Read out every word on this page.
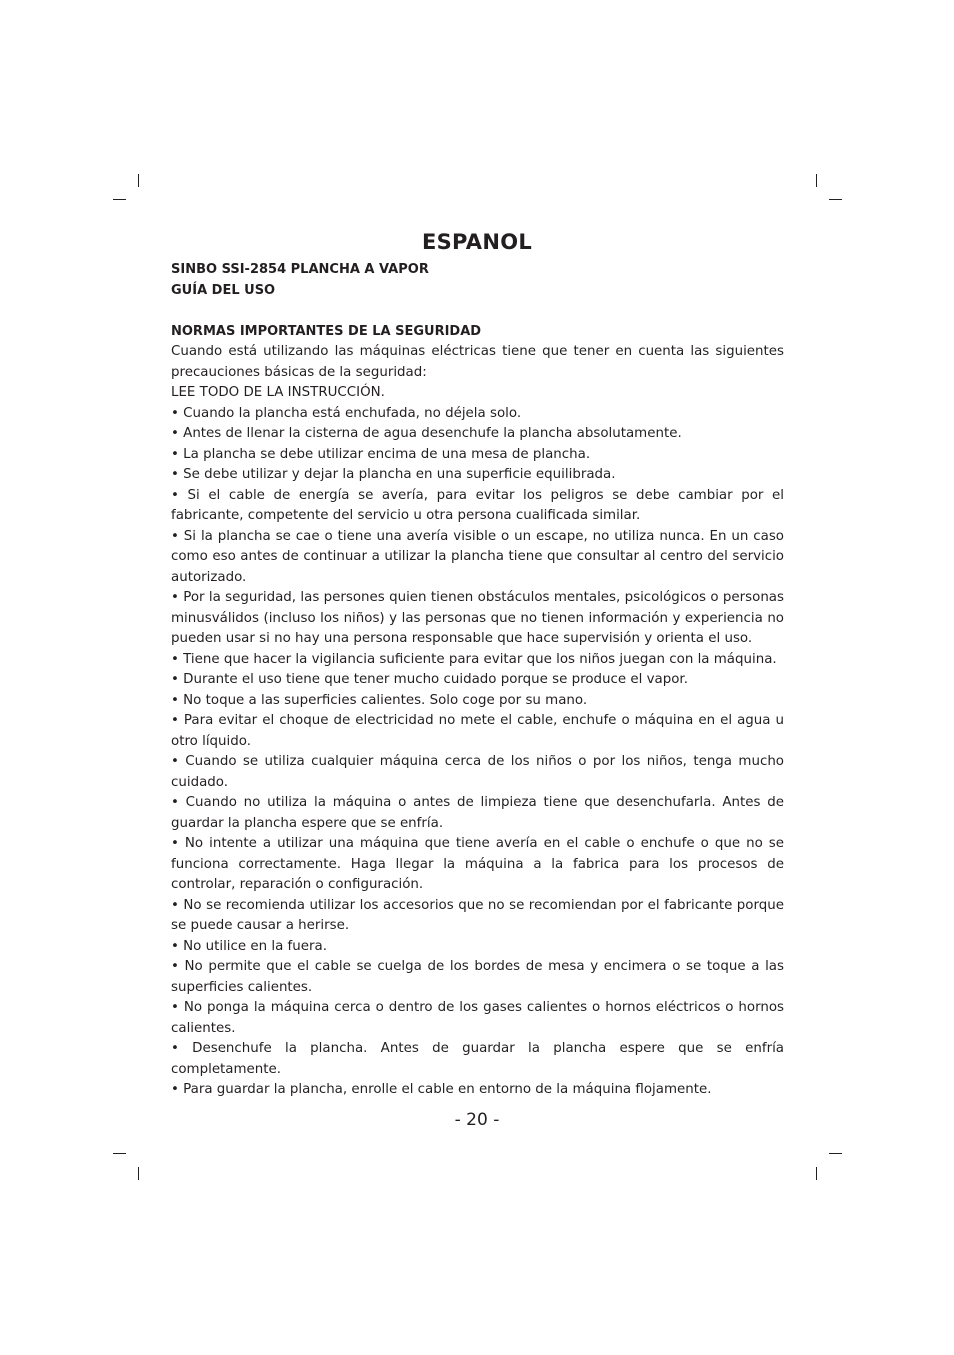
ESPANOL
SINBO SSI-2854 PLANCHA A VAPOR
GUÍA DEL USO
NORMAS IMPORTANTES DE LA SEGURIDAD

Cuando está utilizando las máquinas eléctricas tiene que tener en cuenta las siguientes precauciones básicas de la seguridad:

LEE TODO DE LA INSTRUCCIÓN.

• Cuando la plancha está enchufada, no déjela solo.

• Antes de llenar la cisterna de agua desenchufe la plancha absolutamente.

• La plancha se debe utilizar encima de una mesa de plancha.

• Se debe utilizar y dejar la plancha en una superficie equilibrada.

• Si el cable de energía se avería, para evitar los peligros se debe cambiar por el fabricante, competente del servicio u otra persona cualificada similar.

• Si la plancha se cae o tiene una avería visible o un escape, no utiliza nunca. En un caso como eso antes de continuar a utilizar la plancha tiene que consultar al centro del servicio autorizado.

• Por la seguridad, las persones quien tienen obstáculos mentales, psicológicos o personas minusválidos (incluso los niños) y las personas que no tienen información y experiencia no pueden usar si no hay una persona responsable que hace supervisión y orienta el uso.

• Tiene que hacer la vigilancia suficiente para evitar que los niños juegan con la máquina.

• Durante el uso tiene que tener mucho cuidado porque se produce el vapor.

• No toque a las superficies calientes. Solo coge por su mano.

• Para evitar el choque de electricidad no mete el cable, enchufe o máquina en el agua u otro líquido.

• Cuando se utiliza cualquier máquina cerca de los niños o por los niños, tenga mucho cuidado.

• Cuando no utiliza la máquina o antes de limpieza tiene que desenchufarla. Antes de guardar la plancha espere que se enfría.

• No intente a utilizar una máquina que tiene avería en el cable o enchufe o que no se funciona correctamente. Haga llegar la máquina a la fabrica para los procesos de controlar, reparación o configuración.

• No se recomienda utilizar los accesorios que no se recomiendan por el fabricante porque se puede causar a herirse.

• No utilice en la fuera.

• No permite que el cable se cuelga de los bordes de mesa y encimera o se toque a las superficies calientes.

• No ponga la máquina cerca o dentro de los gases calientes o hornos eléctricos o hornos calientes.

• Desenchufe la plancha. Antes de guardar la plancha espere que se enfría completamente.

• Para guardar la plancha, enrolle el cable en entorno de la máquina flojamente.

- 20 -
